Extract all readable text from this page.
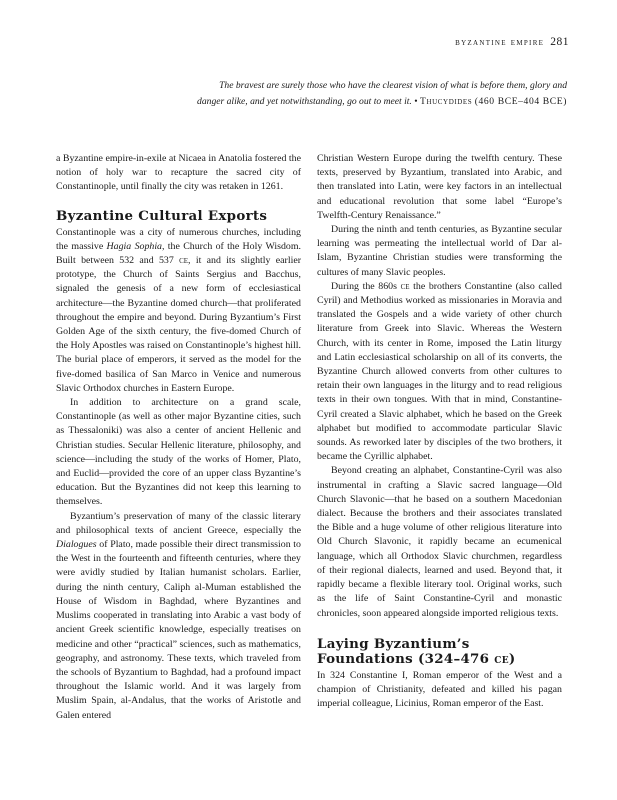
byzantine empire 281
The bravest are surely those who have the clearest vision of what is before them, glory and
danger alike, and yet notwithstanding, go out to meet it. • Thucydides (460 BCE–404 BCE)

a Byzantine empire-in-exile at Nicaea in Anatolia fostered the notion of holy war to recapture the sacred city of Constantinople, until finally the city was retaken in 1261.

Byzantine Cultural Exports

Constantinople was a city of numerous churches, including the massive Hagia Sophia, the Church of the Holy Wisdom. Built between 532 and 537 ce, it and its slightly earlier prototype, the Church of Saints Sergius and Bacchus, signaled the genesis of a new form of ecclesiastical architecture—the Byzantine domed church—that proliferated throughout the empire and beyond. During Byzantium’s First Golden Age of the sixth century, the five-domed Church of the Holy Apostles was raised on Constantinople’s highest hill. The burial place of emperors, it served as the model for the five-domed basilica of San Marco in Venice and numerous Slavic Orthodox churches in Eastern Europe.

In addition to architecture on a grand scale, Constantinople (as well as other major Byzantine cities, such as Thessaloniki) was also a center of ancient Hellenic and Christian studies. Secular Hellenic literature, philosophy, and science—including the study of the works of Homer, Plato, and Euclid—provided the core of an upper class Byzantine’s education. But the Byzantines did not keep this learning to themselves.

Byzantium’s preservation of many of the classic literary and philosophical texts of ancient Greece, especially the Dialogues of Plato, made possible their direct transmission to the West in the fourteenth and fifteenth centuries, where they were avidly studied by Italian humanist scholars. Earlier, during the ninth century, Caliph al-Muman established the House of Wisdom in Baghdad, where Byzantines and Muslims cooperated in translating into Arabic a vast body of ancient Greek scientific knowledge, especially treatises on medicine and other “practical” sciences, such as mathematics, geography, and astronomy. These texts, which traveled from the schools of Byzantium to Baghdad, had a profound impact throughout the Islamic world. And it was largely from Muslim Spain, al-Andalus, that the works of Aristotle and Galen entered

Christian Western Europe during the twelfth century. These texts, preserved by Byzantium, translated into Arabic, and then translated into Latin, were key factors in an intellectual and educational revolution that some label “Europe’s Twelfth-Century Renaissance.”

During the ninth and tenth centuries, as Byzantine secular learning was permeating the intellectual world of Dar al-Islam, Byzantine Christian studies were transforming the cultures of many Slavic peoples.

During the 860s ce the brothers Constantine (also called Cyril) and Methodius worked as missionaries in Moravia and translated the Gospels and a wide variety of other church literature from Greek into Slavic. Whereas the Western Church, with its center in Rome, imposed the Latin liturgy and Latin ecclesiastical scholarship on all of its converts, the Byzantine Church allowed converts from other cultures to retain their own languages in the liturgy and to read religious texts in their own tongues. With that in mind, Constantine-Cyril created a Slavic alphabet, which he based on the Greek alphabet but modified to accommodate particular Slavic sounds. As reworked later by disciples of the two brothers, it became the Cyrillic alphabet.

Beyond creating an alphabet, Constantine-Cyril was also instrumental in crafting a Slavic sacred language—Old Church Slavonic—that he based on a southern Macedonian dialect. Because the brothers and their associates translated the Bible and a huge volume of other religious literature into Old Church Slavonic, it rapidly became an ecumenical language, which all Orthodox Slavic churchmen, regardless of their regional dialects, learned and used. Beyond that, it rapidly became a flexible literary tool. Original works, such as the life of Saint Constantine-Cyril and monastic chronicles, soon appeared alongside imported religious texts.

Laying Byzantium’s
Foundations (324–476 ce)

In 324 Constantine I, Roman emperor of the West and a champion of Christianity, defeated and killed his pagan imperial colleague, Licinius, Roman emperor of the East.
